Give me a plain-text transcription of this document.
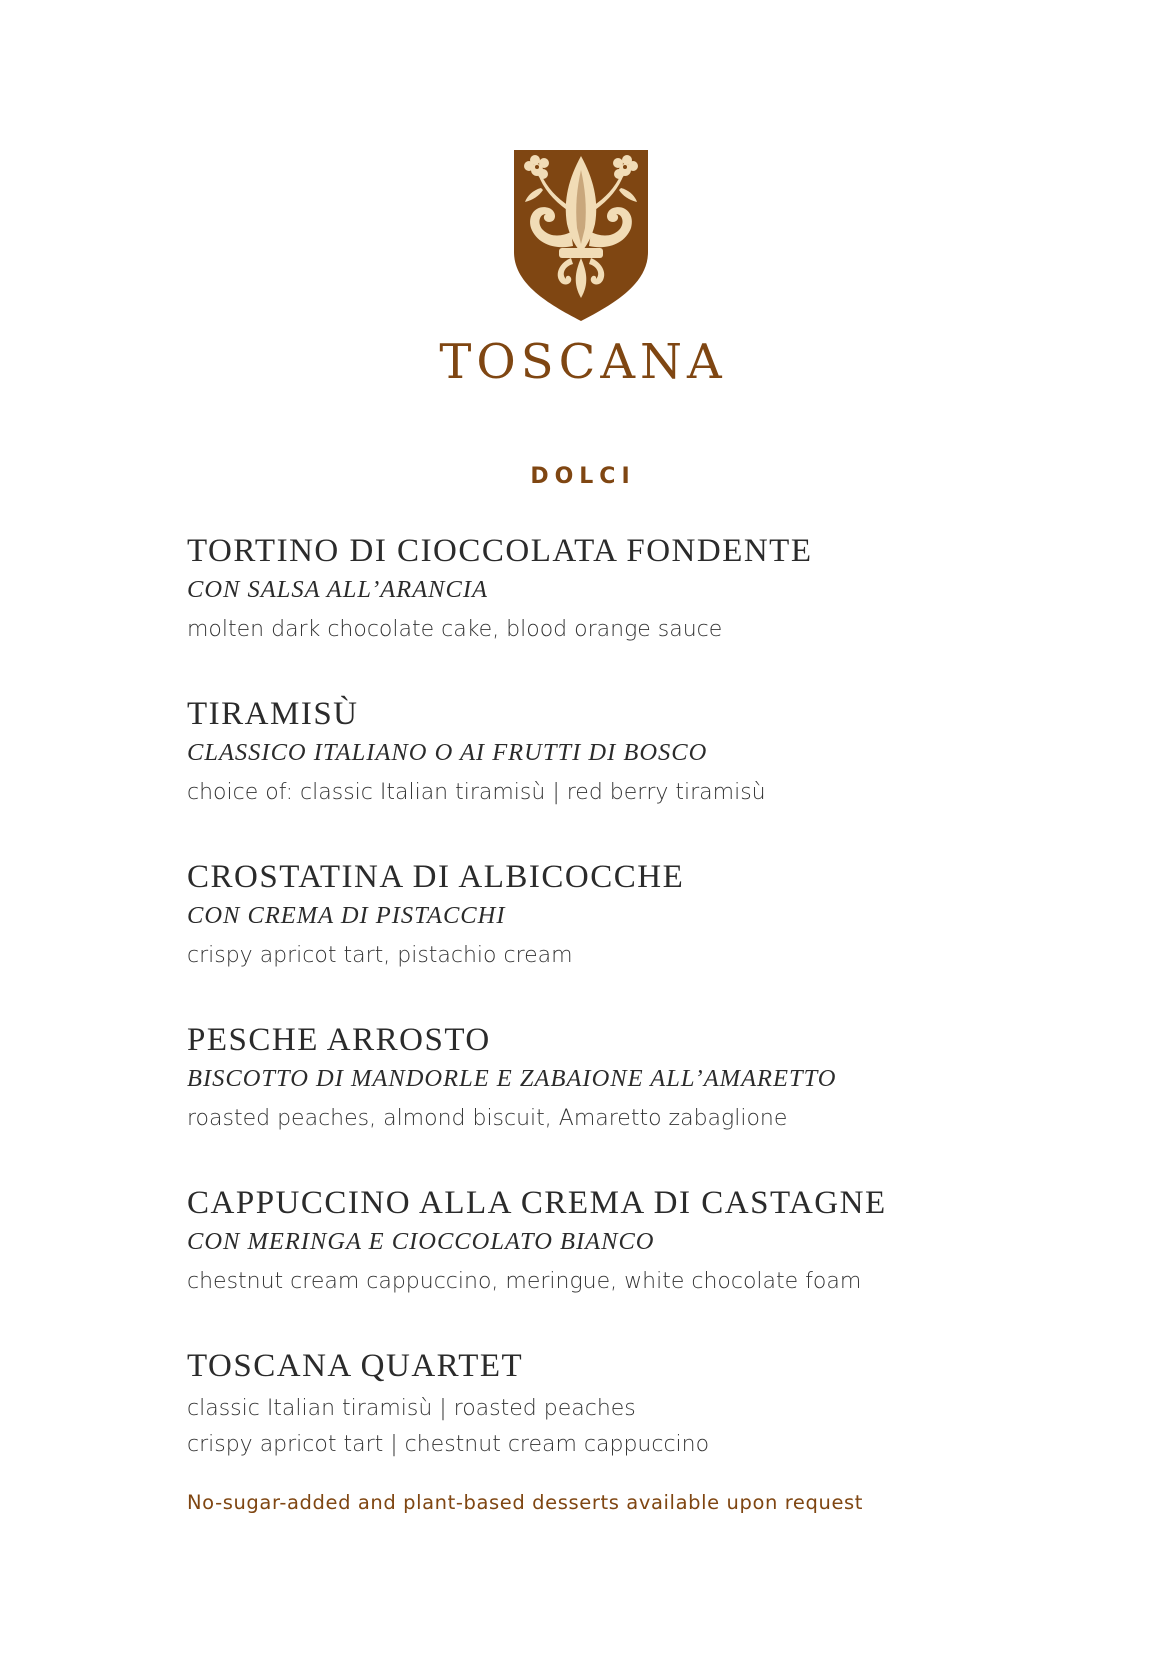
TOSCANA
DOLCI
TORTINO DI CIOCCOLATA FONDENTE
CON SALSA ALL’ARANCIA
molten dark chocolate cake, blood orange sauce
TIRAMISÙ
CLASSICO ITALIANO O AI FRUTTI DI BOSCO
choice of: classic Italian tiramisù | red berry tiramisù
CROSTATINA DI ALBICOCCHE
CON CREMA DI PISTACCHI
crispy apricot tart, pistachio cream
PESCHE ARROSTO
BISCOTTO DI MANDORLE E ZABAIONE ALL’AMARETTO
roasted peaches, almond biscuit, Amaretto zabaglione
CAPPUCCINO ALLA CREMA DI CASTAGNE
CON MERINGA E CIOCCOLATO BIANCO
chestnut cream cappuccino, meringue, white chocolate foam
TOSCANA QUARTET
classic Italian tiramisù | roasted peaches
crispy apricot tart | chestnut cream cappuccino
No-sugar-added and plant-based desserts available upon request
